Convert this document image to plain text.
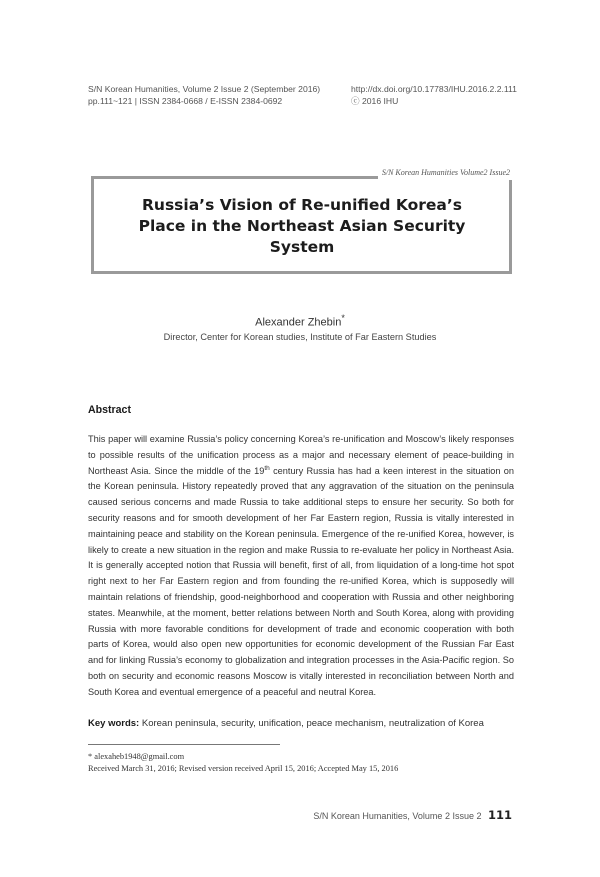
S/N Korean Humanities, Volume 2 Issue 2 (September 2016)
pp.111~121 | ISSN 2384-0668 / E-ISSN 2384-0692
http://dx.doi.org/10.17783/IHU.2016.2.2.111
ⓒ 2016 IHU
S/N Korean Humanities Volume2 Issue2
Russia’s Vision of Re-unified Korea’s
Place in the Northeast Asian Security
System
Alexander Zhebin*
Director, Center for Korean studies, Institute of Far Eastern Studies
Abstract
This paper will examine Russia’s policy concerning Korea’s re-unification and Moscow’s likely responses to possible results of the unification process as a major and necessary element of peace-building in Northeast Asia. Since the middle of the 19th century Russia has had a keen interest in the situation on the Korean peninsula. History repeatedly proved that any aggravation of the situation on the peninsula caused serious concerns and made Russia to take additional steps to ensure her security. So both for security reasons and for smooth development of her Far Eastern region, Russia is vitally interested in maintaining peace and stability on the Korean peninsula. Emergence of the re-unified Korea, however, is likely to create a new situation in the region and make Russia to re-evaluate her policy in Northeast Asia. It is generally accepted notion that Russia will benefit, first of all, from liquidation of a long-time hot spot right next to her Far Eastern region and from founding the re-unified Korea, which is supposedly will maintain relations of friendship, good-neighborhood and cooperation with Russia and other neighboring states. Meanwhile, at the moment, better relations between North and South Korea, along with providing Russia with more favorable conditions for development of trade and economic cooperation with both parts of Korea, would also open new opportunities for economic development of the Russian Far East and for linking Russia’s economy to globalization and integration processes in the Asia-Pacific region. So both on security and economic reasons Moscow is vitally interested in reconciliation between North and South Korea and eventual emergence of a peaceful and neutral Korea.
Key words: Korean peninsula, security, unification, peace mechanism, neutralization of Korea
* alexaheb1948@gmail.com
Received March 31, 2016; Revised version received April 15, 2016; Accepted May 15, 2016
S/N Korean Humanities, Volume 2 Issue 2 111
